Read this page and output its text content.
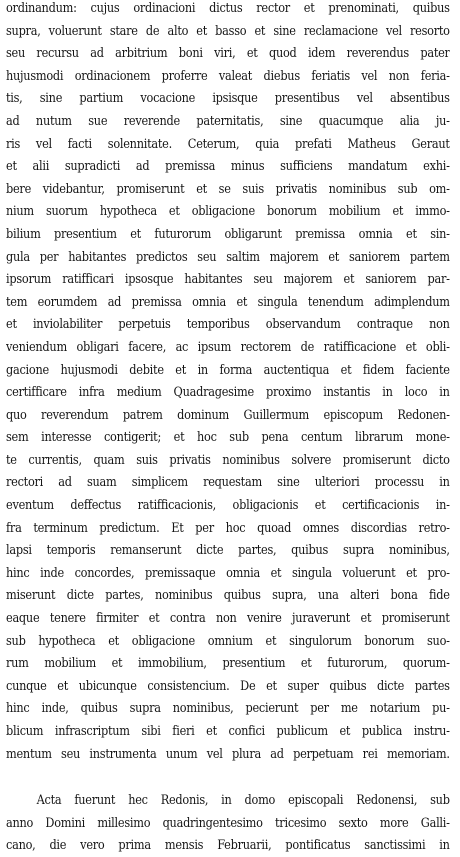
ordinandum: cujus ordinacioni dictus rector et prenominati, quibus
supra, voluerunt stare de alto et basso et sine reclamacione vel resorto
seu recursu ad arbitrium boni viri, et quod idem reverendus pater
hujusmodi ordinacionem proferre valeat diebus feriatis vel non feria-
tis, sine partium vocacione ipsisque presentibus vel absentibus
ad nutum sue reverende paternitatis, sine quacumque alia ju-
ris vel facti solennitate. Ceterum, quia prefati Matheus Geraut
et alii supradicti ad premissa minus sufficiens mandatum exhi-
bere videbantur, promiserunt et se suis privatis nominibus sub om-
nium suorum hypotheca et obligacione bonorum mobilium et immo-
bilium presentium et futurorum obligarunt premissa omnia et sin-
gula per habitantes predictos seu saltim majorem et saniorem partem
ipsorum ratifficari ipsosque habitantes seu majorem et saniorem par-
tem eorumdem ad premissa omnia et singula tenendum adimplendum
et inviolabiliter perpetuis temporibus observandum contraque non
veniendum obligari facere, ac ipsum rectorem de ratifficacione et obli-
gacione hujusmodi debite et in forma auctentiqua et fidem faciente
certifficare infra medium Quadragesime proximo instantis in loco in
quo reverendum patrem dominum Guillermum episcopum Redonen-
sem interesse contigerit; et hoc sub pena centum librarum mone-
te currentis, quam suis privatis nominibus solvere promiserunt dicto
rectori ad suam simplicem requestam sine ulteriori processu in
eventum deffectus ratifficacionis, obligacionis et certificacionis in-
fra terminum predictum. Et per hoc quoad omnes discordias retro-
lapsi temporis remanserunt dicte partes, quibus supra nominibus,
hinc inde concordes, premissaque omnia et singula voluerunt et pro-
miserunt dicte partes, nominibus quibus supra, una alteri bona fide
eaque tenere firmiter et contra non venire juraverunt et promiserunt
sub hypotheca et obligacione omnium et singulorum bonorum suo-
rum mobilium et immobilium, presentium et futurorum, quorum-
cunque et ubicunque consistencium. De et super quibus dicte partes
hinc inde, quibus supra nominibus, pecierunt per me notarium pu-
blicum infrascriptum sibi fieri et confici publicum et publica instru-
mentum seu instrumenta unum vel plura ad perpetuam rei memoriam.
Acta fuerunt hec Redonis, in domo episcopali Redonensi, sub
anno Domini millesimo quadringentesimo tricesimo sexto more Galli-
cano, die vero prima mensis Februarii, pontificatus sanctissimi in
